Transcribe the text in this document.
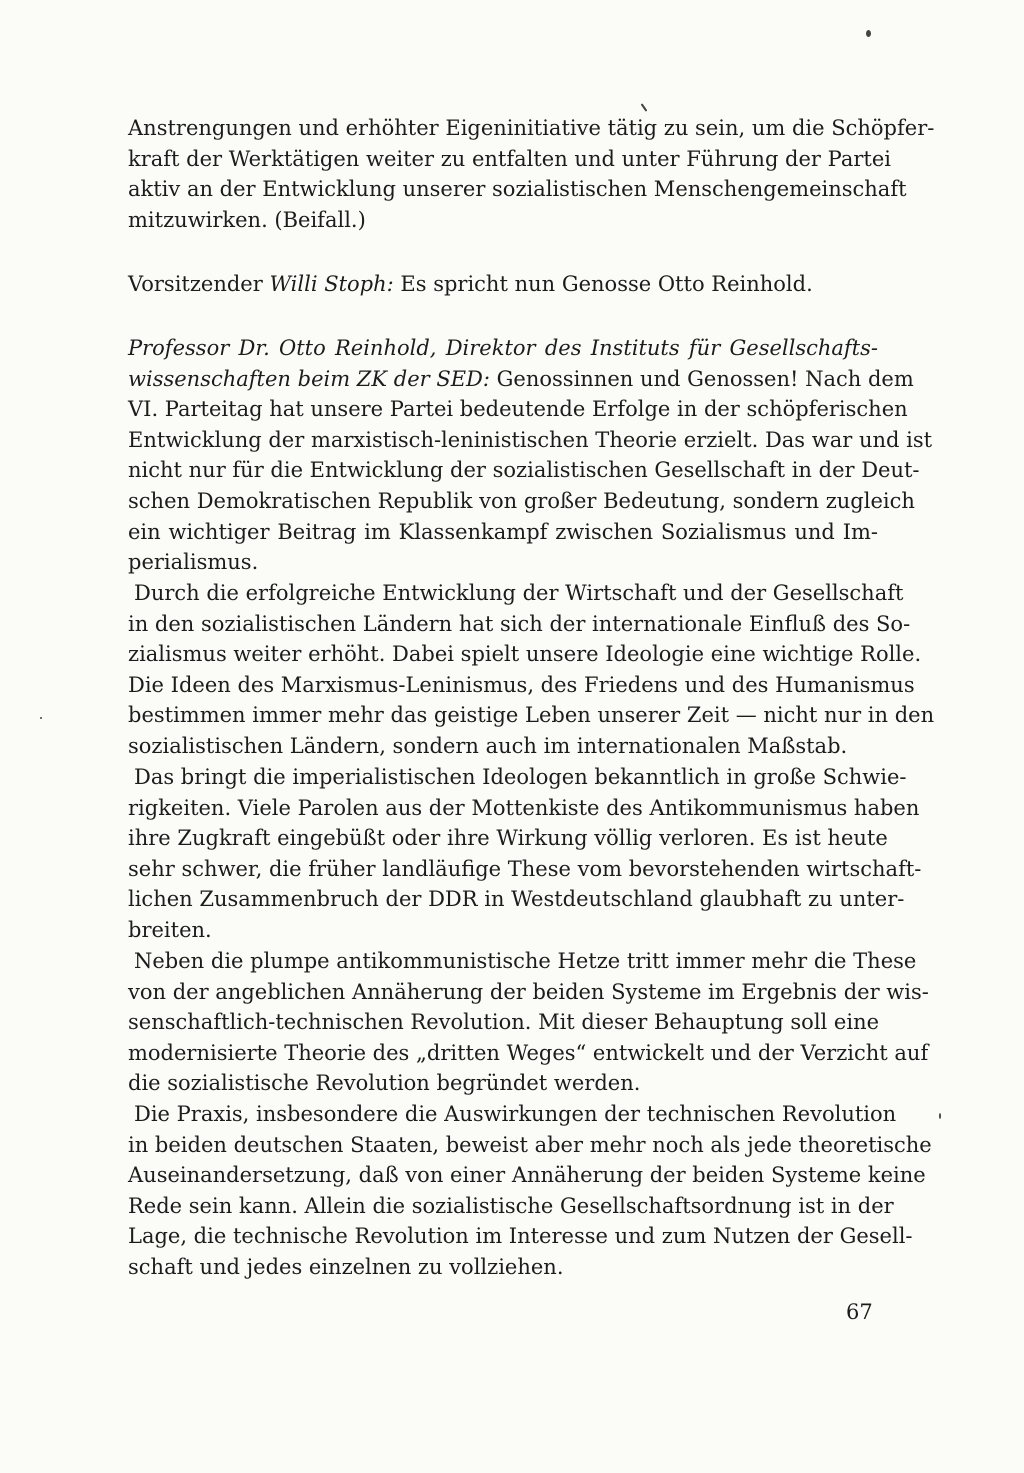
Anstrengungen und erhöhter Eigeninitiative tätig zu sein, um die Schöpfer-
kraft der Werktätigen weiter zu entfalten und unter Führung der Partei
aktiv an der Entwicklung unserer sozialistischen Menschengemeinschaft
mitzuwirken. (Beifall.)
Vorsitzender Willi Stoph: Es spricht nun Genosse Otto Reinhold.
Professor Dr. Otto Reinhold, Direktor des Instituts für Gesellschafts-
wissenschaften beim ZK der SED: Genossinnen und Genossen! Nach dem
VI. Parteitag hat unsere Partei bedeutende Erfolge in der schöpferischen
Entwicklung der marxistisch-leninistischen Theorie erzielt. Das war und ist
nicht nur für die Entwicklung der sozialistischen Gesellschaft in der Deut-
schen Demokratischen Republik von großer Bedeutung, sondern zugleich
ein wichtiger Beitrag im Klassenkampf zwischen Sozialismus und Im-
perialismus.
Durch die erfolgreiche Entwicklung der Wirtschaft und der Gesellschaft
in den sozialistischen Ländern hat sich der internationale Einfluß des So-
zialismus weiter erhöht. Dabei spielt unsere Ideologie eine wichtige Rolle.
Die Ideen des Marxismus-Leninismus, des Friedens und des Humanismus
bestimmen immer mehr das geistige Leben unserer Zeit — nicht nur in den
sozialistischen Ländern, sondern auch im internationalen Maßstab.
Das bringt die imperialistischen Ideologen bekanntlich in große Schwie-
rigkeiten. Viele Parolen aus der Mottenkiste des Antikommunismus haben
ihre Zugkraft eingebüßt oder ihre Wirkung völlig verloren. Es ist heute
sehr schwer, die früher landläufige These vom bevorstehenden wirtschaft-
lichen Zusammenbruch der DDR in Westdeutschland glaubhaft zu unter-
breiten.
Neben die plumpe antikommunistische Hetze tritt immer mehr die These
von der angeblichen Annäherung der beiden Systeme im Ergebnis der wis-
senschaftlich-technischen Revolution. Mit dieser Behauptung soll eine
modernisierte Theorie des „dritten Weges“ entwickelt und der Verzicht auf
die sozialistische Revolution begründet werden.
Die Praxis, insbesondere die Auswirkungen der technischen Revolution
in beiden deutschen Staaten, beweist aber mehr noch als jede theoretische
Auseinandersetzung, daß von einer Annäherung der beiden Systeme keine
Rede sein kann. Allein die sozialistische Gesellschaftsordnung ist in der
Lage, die technische Revolution im Interesse und zum Nutzen der Gesell-
schaft und jedes einzelnen zu vollziehen.
67
